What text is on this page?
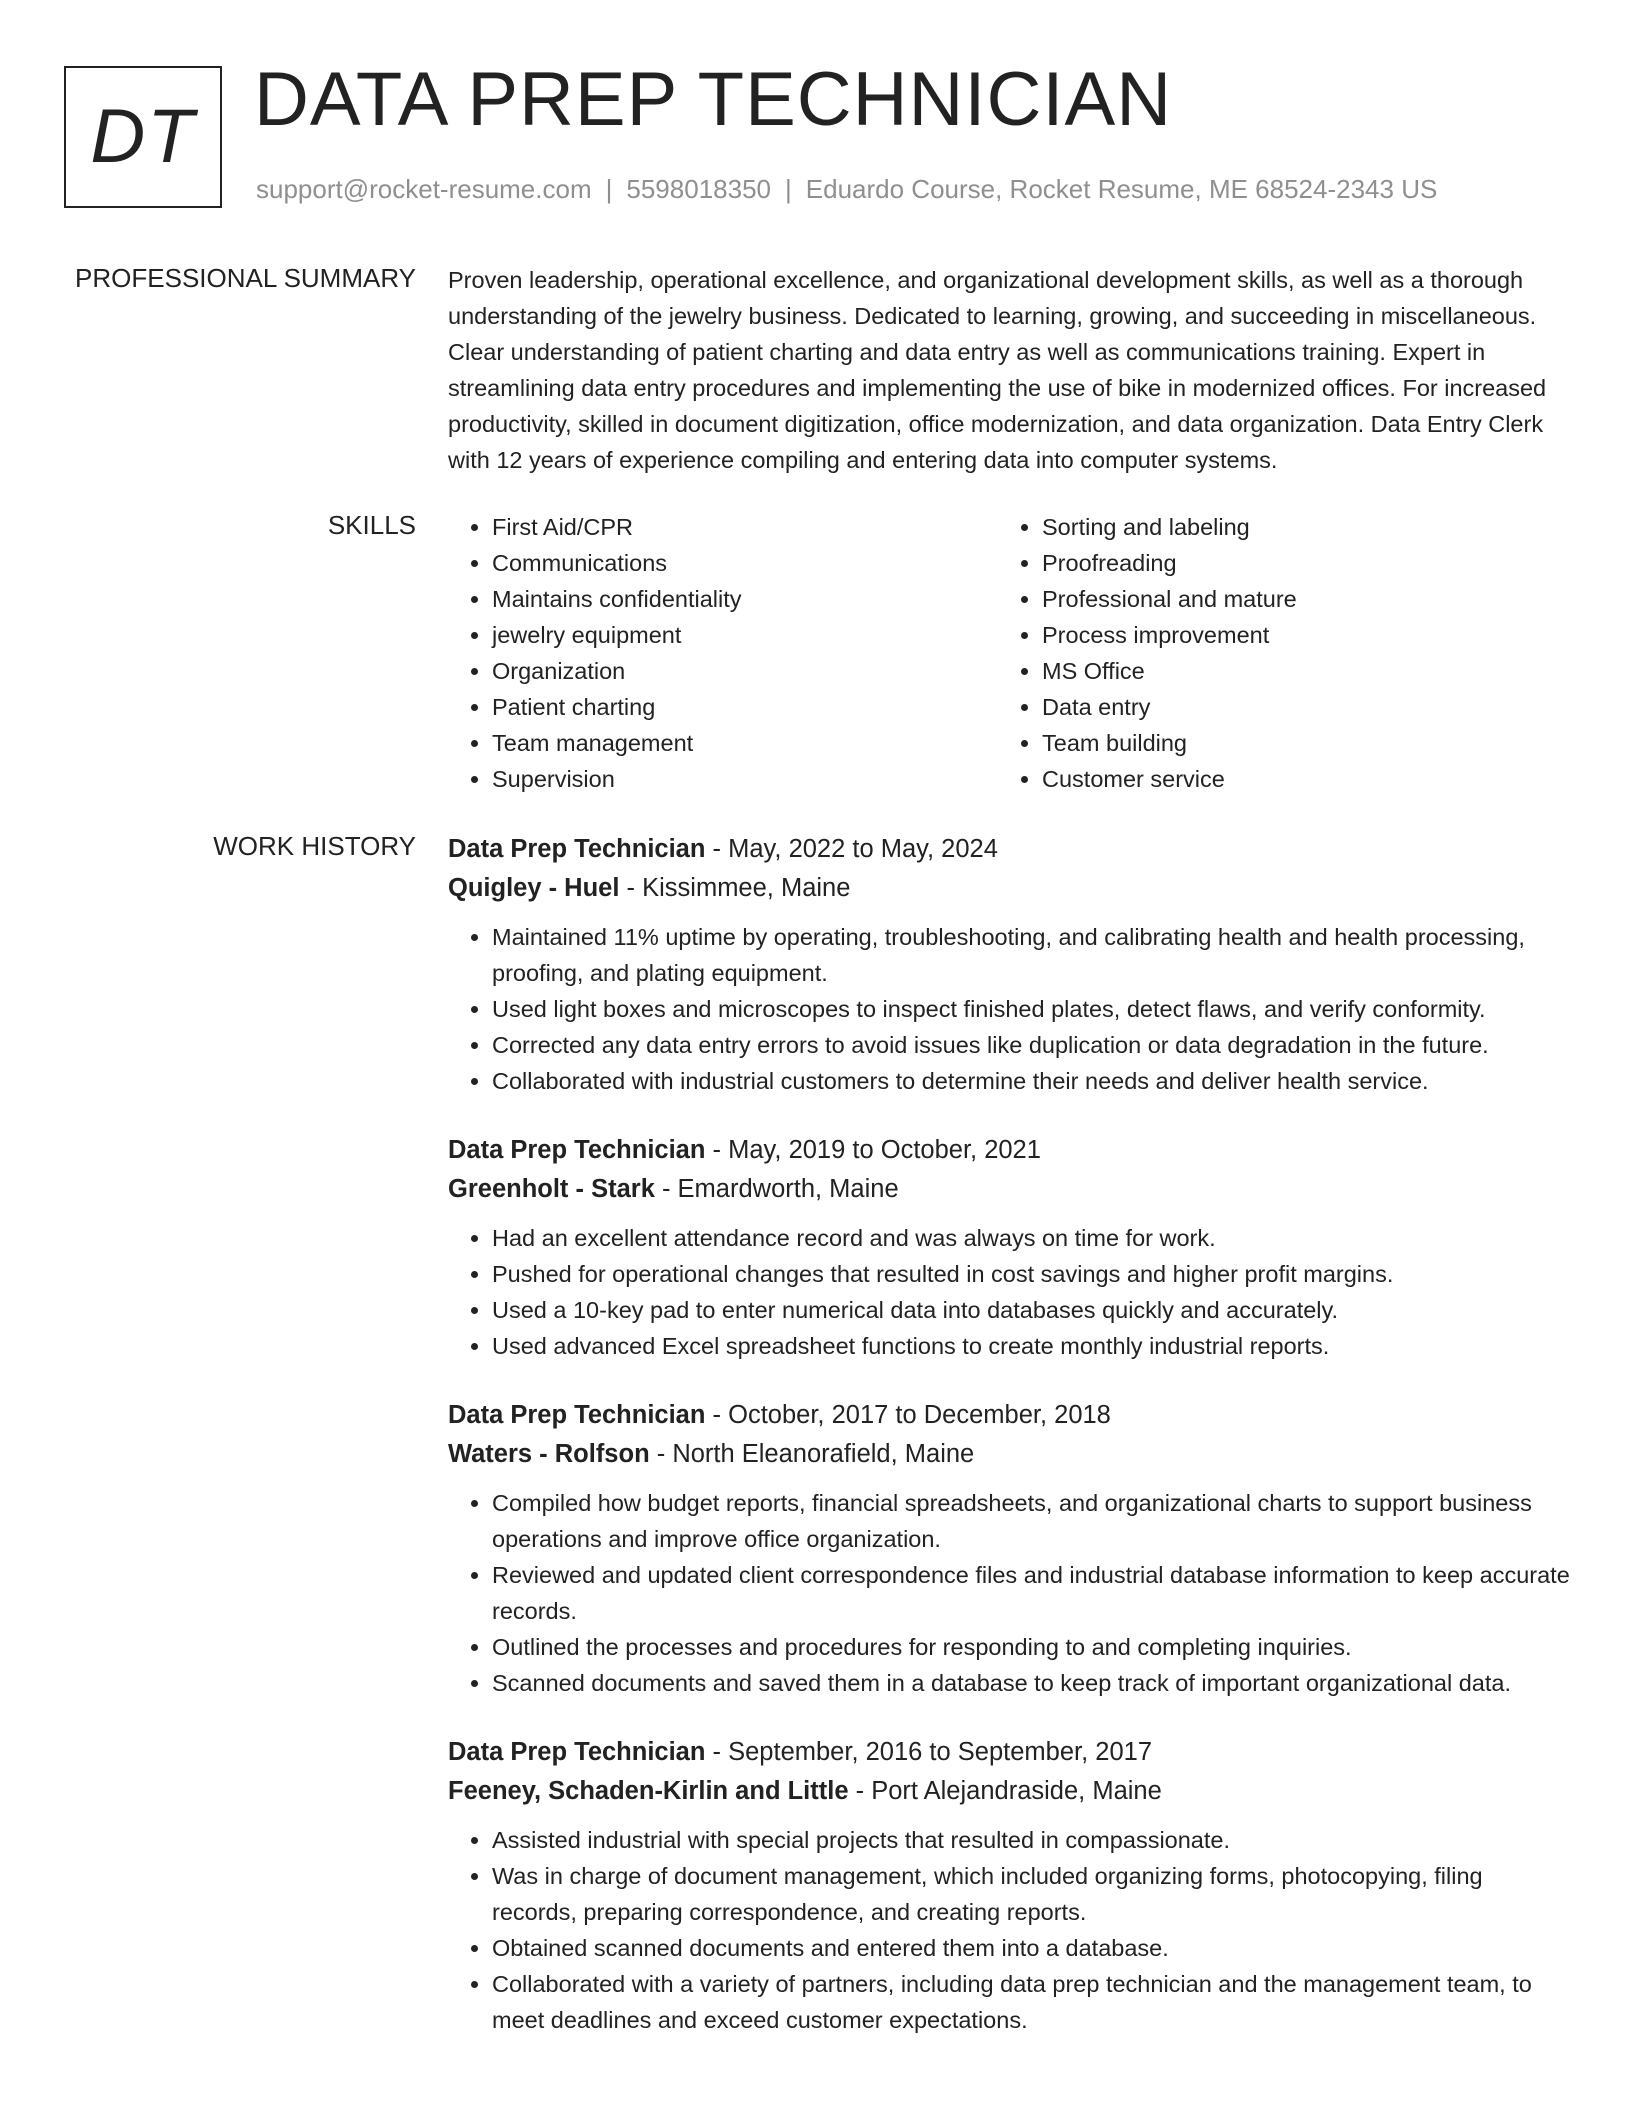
DT DATA PREP TECHNICIAN
support@rocket-resume.com | 5598018350 | Eduardo Course, Rocket Resume, ME 68524-2343 US
PROFESSIONAL SUMMARY Proven leadership, operational excellence, and organizational development skills, as well as a thorough understanding of the jewelry business. Dedicated to learning, growing, and succeeding in miscellaneous. Clear understanding of patient charting and data entry as well as communications training. Expert in streamlining data entry procedures and implementing the use of bike in modernized offices. For increased productivity, skilled in document digitization, office modernization, and data organization. Data Entry Clerk with 12 years of experience compiling and entering data into computer systems.

SKILLS
•	First Aid/CPR
• Communications
• Maintains confidentiality
• jewelry equipment
• Organization
• Patient charting
• Team management
• Supervision
• Sorting and labeling
• Proofreading
• Professional and mature
• Process improvement
• MS Office
• Data entry
• Team building
• Customer service
WORK HISTORY Data Prep Technician - May, 2022 to May, 2024
Quigley - Huel - Kissimmee, Maine
• Maintained 11% uptime by operating, troubleshooting, and calibrating health and health processing, proofing, and plating equipment.
• Used light boxes and microscopes to inspect finished plates, detect flaws, and verify conformity.
• Corrected any data entry errors to avoid issues like duplication or data degradation in the future.
• Collaborated with industrial customers to determine their needs and deliver health service.
Data Prep Technician - May, 2019 to October, 2021
Greenholt - Stark - Emardworth, Maine
• Had an excellent attendance record and was always on time for work.
• Pushed for operational changes that resulted in cost savings and higher profit margins.
• Used a 10-key pad to enter numerical data into databases quickly and accurately.
• Used advanced Excel spreadsheet functions to create monthly industrial reports.
Data Prep Technician - October, 2017 to December, 2018
Waters - Rolfson - North Eleanorafield, Maine
• Compiled how budget reports, financial spreadsheets, and organizational charts to support business operations and improve office organization.
• Reviewed and updated client correspondence files and industrial database information to keep accurate records.
• Outlined the processes and procedures for responding to and completing inquiries.
• Scanned documents and saved them in a database to keep track of important organizational data.
Data Prep Technician - September, 2016 to September, 2017
Feeney, Schaden-Kirlin and Little - Port Alejandraside, Maine
• Assisted industrial with special projects that resulted in compassionate.
• Was in charge of document management, which included organizing forms, photocopying, filing records, preparing correspondence, and creating reports.
• Obtained scanned documents and entered them into a database.
• Collaborated with a variety of partners, including data prep technician and the management team, to meet deadlines and exceed customer expectations.
